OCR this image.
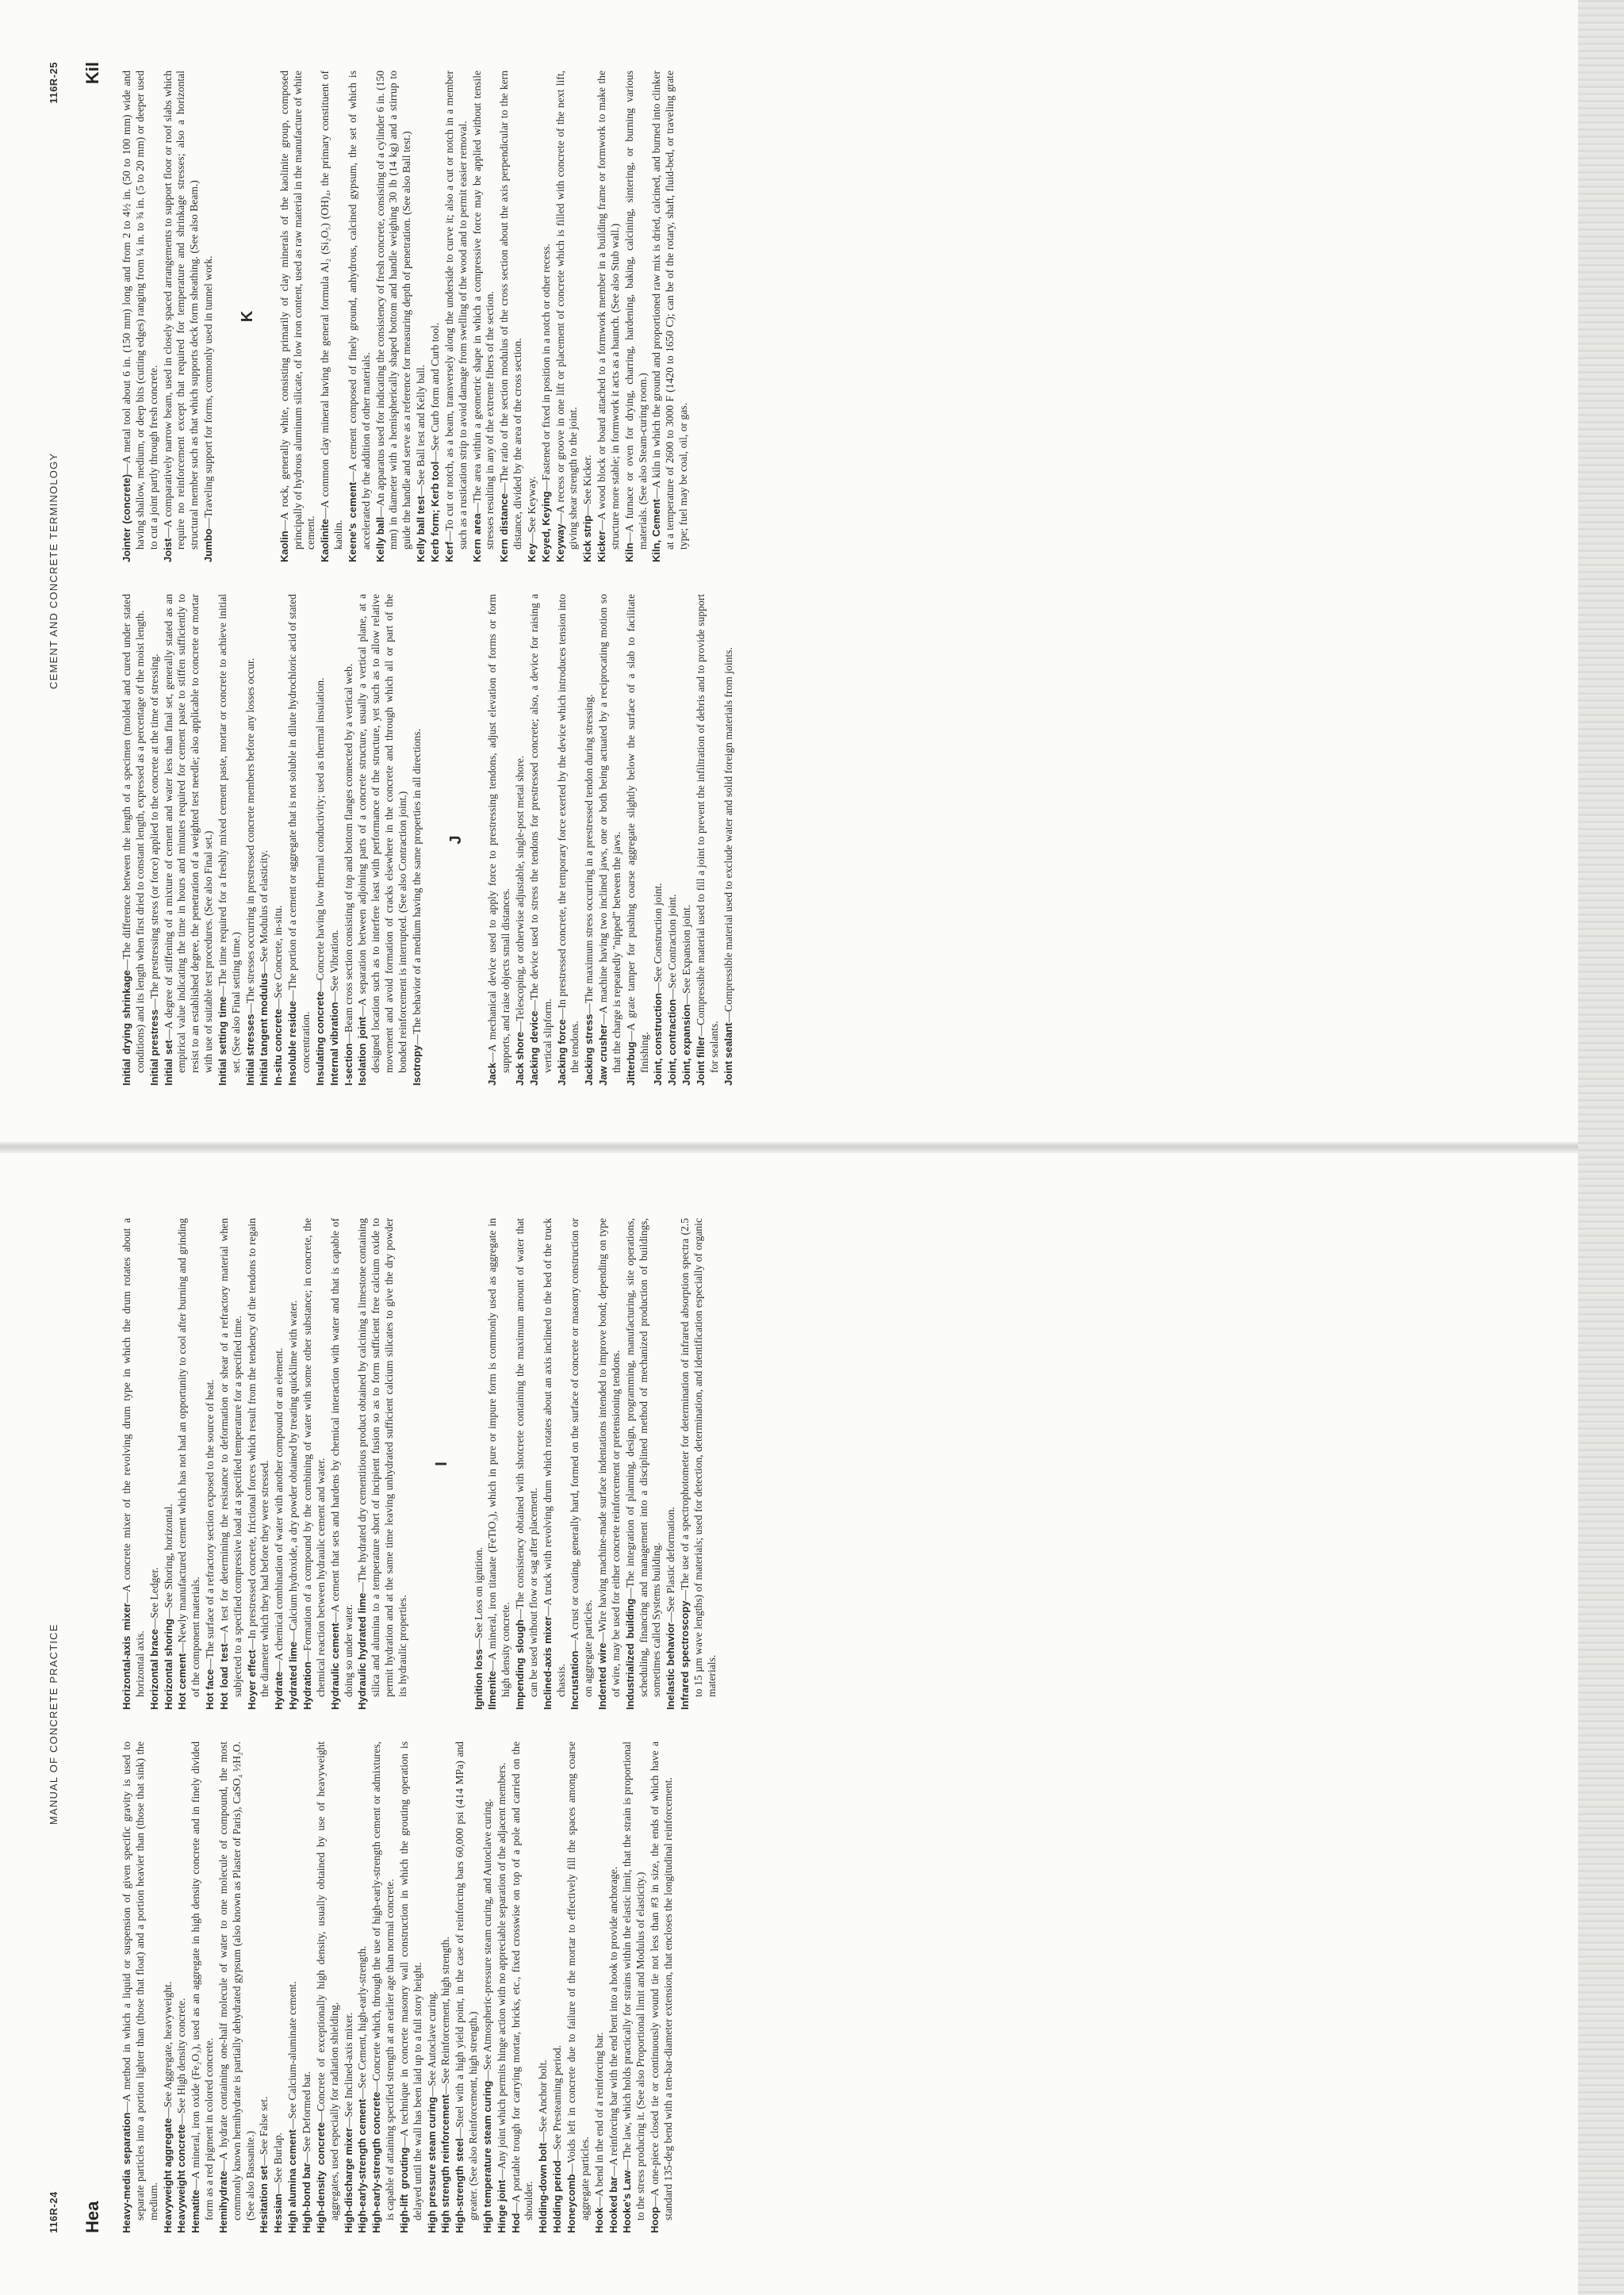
116R-24
MANUAL OF CONCRETE PRACTICE
Hea Heavy-media separation—A method in which a liquid or suspension of given specific gravity is used to separate particles into a portion lighter than (those that float) and a portion heavier than (those that sink) the medium. Heavyweight aggregate—See Aggregate, heavyweight.

Heavyweight concrete—See High density concrete.

Hematite—A mineral, iron oxide (Fe₂O₃), used as an aggregate in high density concrete and in finely divided form as a red pigment in colored concrete. Hemihydrate—A hydrate containing one-half molecule of water to one molecule of compound, the most commonly known hemihydrate is partially dehydrated gypsum (also known as Plaster of Paris), CaSO₄ ½H₂O. (See also Bassanite.) Hesitation set—See False set.

Hessian—See Burlap. High alumina cement—See Calcium-aluminate cement.

High-bond bar—See Deformed bar.

High-density concrete—Concrete of exceptionally high density, usually obtained by use of heavyweight aggregates, used especially for radiation shielding. High-discharge mixer—See Inclined-axis mixer.

High-early-strength cement—See Cement, high-early-strength.

High-early-strength concrete—Concrete which, through the use of high-early-strength cement or admixtures, is capable of attaining specified strength at an earlier age than normal concrete. High-lift grouting—A technique in concrete masonry wall construction in which the grouting operation is delayed until the wall has been laid up to a full story height. High pressure steam curing—See Autoclave curing.

High strength reinforcement—See Reinforcement, high strength.

High-strength steel—Steel with a high yield point, in the case of reinforcing bars 60,000 psi (414 MPa) and greater. (See also Reinforcement, high strength.) High temperature steam curing—See Atmospheric-pressure steam curing, and Autoclave curing.

Hinge joint—Any joint which permits hinge action with no appreciable separation of the adjacent members.

Hod—A portable trough for carrying mortar, bricks, etc., fixed crosswise on top of a pole and carried on the shoulder. Holding-down bolt—See Anchor bolt.

Holding period—See Presteaming period.

Honeycomb—Voids left in concrete due to failure of the mortar to effectively fill the spaces among coarse aggregate particles. Hook—A bend in the end of a reinforcing bar.

Hooked bar—A reinforcing bar with the end bent into a hook to provide anchorage.

Hooke's Law—The law, which holds practically for strains within the elastic limit, that the strain is proportional to the stress producing it. (See also Proportional limit and Modulus of elasticity.) Hoop—A one-piece closed tie or continuously wound tie not less than #3 in size, the ends of which have a standard 135-deg bend with a ten-bar-diameter extension, that encloses the longitudinal reinforcement.

Horizontal-axis mixer—A concrete mixer of the revolving drum type in which the drum rotates about a horizontal axis. Horizontal brace—See Ledger.

Horizontal shoring—See Shoring, horizontal.

Hot cement—Newly manufactured cement which has not had an opportunity to cool after burning and grinding of the component materials. Hot face—The surface of a refractory section exposed to the source of heat.

Hot load test—A test for determining the resistance to deformation or shear of a refractory material when subjected to a specified compressive load at a specified temperature for a specified time. Hoyer effect—In prestressed concrete, frictional forces which result from the tendency of the tendons to regain the diameter which they had before they were stressed. Hydrate—A chemical combination of water with another compound or an element.

Hydrated lime—Calcium hydroxide, a dry powder obtained by treating quicklime with water.

Hydration—Formation of a compound by the combining of water with some other substance; in concrete, the chemical reaction between hydraulic cement and water. Hydraulic cement—A cement that sets and hardens by chemical interaction with water and that is capable of doing so under water. Hydraulic hydrated lime—The hydrated dry cementitious product obtained by calcining a limestone containing silica and alumina to a temperature short of incipient fusion so as to form sufficient free calcium oxide to permit hydration and at the same time leaving unhydrated sufficient calcium silicates to give the dry powder its hydraulic properties.

I

Ignition loss—See Loss on ignition.

Ilmenite—A mineral, iron titanate (FeTiO₃), which in pure or impure form is commonly used as aggregate in high density concrete. Impending slough—The consistency obtained with shotcrete containing the maximum amount of water that can be used without flow or sag after placement. Inclined-axis mixer—A truck with revolving drum which rotates about an axis inclined to the bed of the truck chassis. Incrustation—A crust or coating, generally hard, formed on the surface of concrete or masonry construction or on aggregate particles. Indented wire—Wire having machine-made surface indentations intended to improve bond; depending on type of wire, may be used for either concrete reinforcement or pretensioning tendons. Industrialized building—The integration of planning, design, programming, manufacturing, site operations, scheduling, financing and management into a disciplined method of mechanized production of buildings, sometimes called Systems building. Inelastic behavior—See Plastic deformation.

Infrared spectroscopy—The use of a spectrophotometer for determination of infrared absorption spectra (2.5 to 15 µm wave lengths) of materials; used for detection, determination, and identification especially of organic materials.

CEMENT AND CONCRETE TERMINOLOGY
116R-25 Kil

Initial drying shrinkage—The difference between the length of a specimen (molded and cured under stated conditions) and its length when first dried to constant length, expressed as a percentage of the moist length. Initial prestress—The prestressing stress (or force) applied to the concrete at the time of stressing.

Initial set—A degree of stiffening of a mixture of cement and water less than final set, generally stated as an empirical value indicating the time in hours and minutes required for cement paste to stiffen sufficiently to resist to an established degree, the penetration of a weighted test needle; also applicable to concrete or mortar with use of suitable test procedures. (See also Final set.) Initial setting time—The time required for a freshly mixed cement paste, mortar or concrete to achieve initial set. (See also Final setting time.) Initial stresses—The stresses occurring in prestressed concrete members before any losses occur.

Initial tangent modulus—See Modulus of elasticity.

In-situ concrete—See Concrete, in-situ.

Insoluble residue—The portion of a cement or aggregate that is not soluble in dilute hydrochloric acid of stated concentration. Insulating concrete—Concrete having low thermal conductivity; used as thermal insulation.

Internal vibration—See Vibration.

I-section—Beam cross section consisting of top and bottom flanges connected by a vertical web.

Isolation joint—A separation between adjoining parts of a concrete structure, usually a vertical plane, at a designed location such as to interfere least with performance of the structure, yet such as to allow relative movement and avoid formation of cracks elsewhere in the concrete and through which all or part of the bonded reinforcement is interrupted. (See also Contraction joint.) Isotropy—The behavior of a medium having the same properties in all directions. J

Jack—A mechanical device used to apply force to prestressing tendons, adjust elevation of forms or form supports, and raise objects small distances. Jack shore—Telescoping, or otherwise adjustable, single-post metal shore.

Jacking device—The device used to stress the tendons for prestressed concrete; also, a device for raising a vertical slipform. Jacking force—In prestressed concrete, the temporary force exerted by the device which introduces tension into the tendons. Jacking stress—The maximum stress occurring in a prestressed tendon during stressing.

Jaw crusher—A machine having two inclined jaws, one or both being actuated by a reciprocating motion so that the charge is repeatedly "nipped" between the jaws. Jitterbug—A grate tamper for pushing coarse aggregate slightly below the surface of a slab to facilitate finishing. Joint, construction—See Construction joint.

Joint, contraction—See Contraction joint.

Joint, expansion—See Expansion joint.

Joint filler—Compressible material used to fill a joint to prevent the infiltration of debris and to provide support for sealants. Joint sealant—Compressible material used to exclude water and solid foreign materials from joints.

Jointer (concrete)—A metal tool about 6 in. (150 mm) long and from 2 to 4½ in. (50 to 100 mm) wide and having shallow, medium, or deep bits (cutting edges) ranging from ¼ in. to ¾ in. (5 to 20 mm) or deeper used to cut a joint partly through fresh concrete.

Joist—A comparatively narrow beam, used in closely spaced arrangements to support floor or roof slabs which require no reinforcement except that required for temperature and shrinkage stresses; also a horizontal structural member such as that which supports deck form sheathing. (See also Beam.) Jumbo—Traveling support for forms, commonly used in tunnel work. K

Kaolin—A rock, generally white, consisting primarily of clay minerals of the kaolinite group, composed principally of hydrous aluminum silicate, of low iron content, used as raw material in the manufacture of white cement. Kaolinite—A common clay mineral having the general formula Al₂ (Si₂O₅) (OH)₄, the primary constituent of kaolin. Keene's cement—A cement composed of finely ground, anhydrous, calcined gypsum, the set of which is accelerated by the addition of other materials. Kelly ball—An apparatus used for indicating the consistency of fresh concrete, consisting of a cylinder 6 in. (150 mm) in diameter with a hemispherically shaped bottom and handle weighing 30 lb (14 kg) and a stirrup to guide the handle and serve as a reference for measuring depth of penetration. (See also Ball test.) Kelly ball test—See Ball test and Kelly ball.

Kerb form; Kerb tool—See Curb form and Curb tool.

Kerf—To cut or notch, as a beam, transversely along the underside to curve it; also a cut or notch in a member such as a rustication strip to avoid damage from swelling of the wood and to permit easier removal. Kern area—The area within a geometric shape in which a compressive force may be applied without tensile stresses resulting in any of the extreme fibers of the section. Kern distance—The ratio of the section modulus of the cross section about the axis perpendicular to the kern distance, divided by the area of the cross section.

Key—See Keyway. Keyed, Keying—Fastened or fixed in position in a notch or other recess.

Keyway—A recess or groove in one lift or placement of concrete which is filled with concrete of the next lift, giving shear strength to the joint. Kick strip—See Kicker.

Kicker—A wood block or board attached to a formwork member in a building frame or formwork to make the structure more stable; in formwork it acts as a haunch. (See also Stub wall.)

Kiln—A furnace or oven for drying, charring, hardening, baking, calcining, sintering, or burning various materials. (See also Steam-curing room.) Kiln, Cement—A kiln in which the ground and proportioned raw mix is dried, calcined, and burned into clinker at a temperature of 2600 to 3000 F (1420 to 1650 C); can be of the rotary, shaft, fluid-bed, or traveling grate type; fuel may be coal, oil, or gas.
